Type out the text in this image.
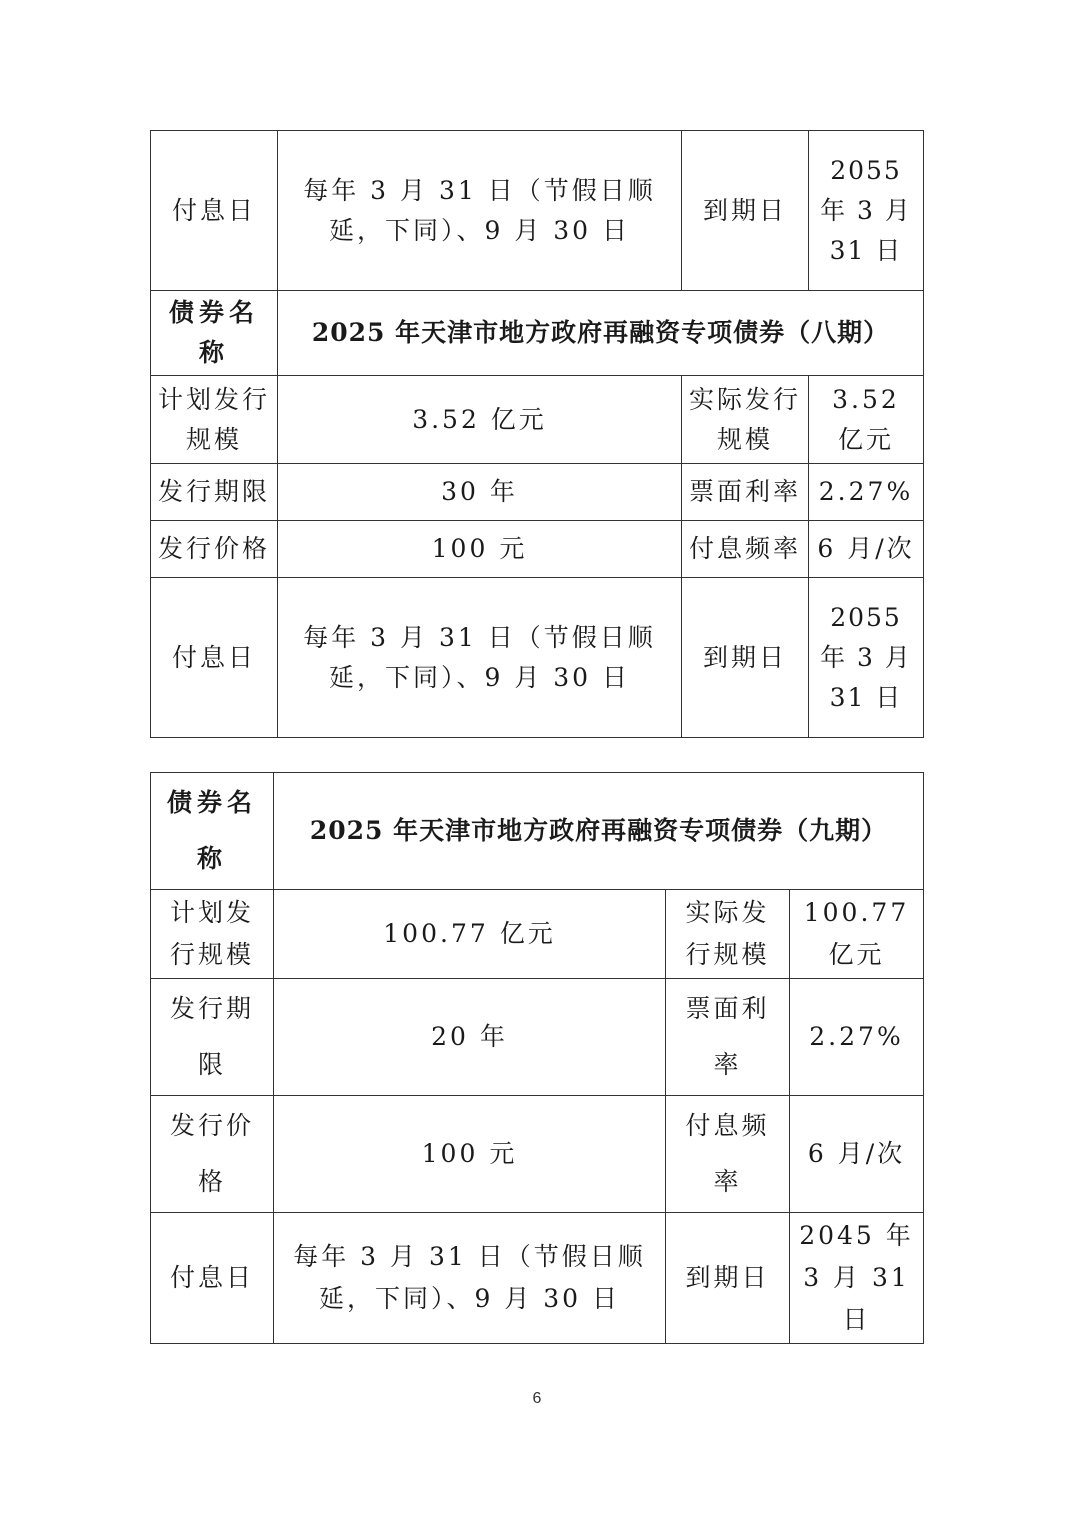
付息日	每年 3 月 31 日（节假日顺延，下同）、9 月 30 日	到期日	2055 年 3 月 31 日
债券名称	2025 年天津市地方政府再融资专项债券（八期）		
计划发行规模	3.52 亿元	实际发行规模	3.52 亿元
发行期限	30 年	票面利率	2.27%
发行价格	100 元	付息频率	6 月/次
付息日	每年 3 月 31 日（节假日顺延，下同）、9 月 30 日	到期日	2055 年 3 月 31 日
债券名称	2025 年天津市地方政府再融资专项债券（九期）		
计划发行规模	100.77 亿元	实际发行规模	100.77 亿元
发行期限	20 年	票面利率	2.27%
发行价格	100 元	付息频率	6 月/次
付息日	每年 3 月 31 日（节假日顺延，下同）、9 月 30 日	到期日	2045 年 3 月 31 日
6
